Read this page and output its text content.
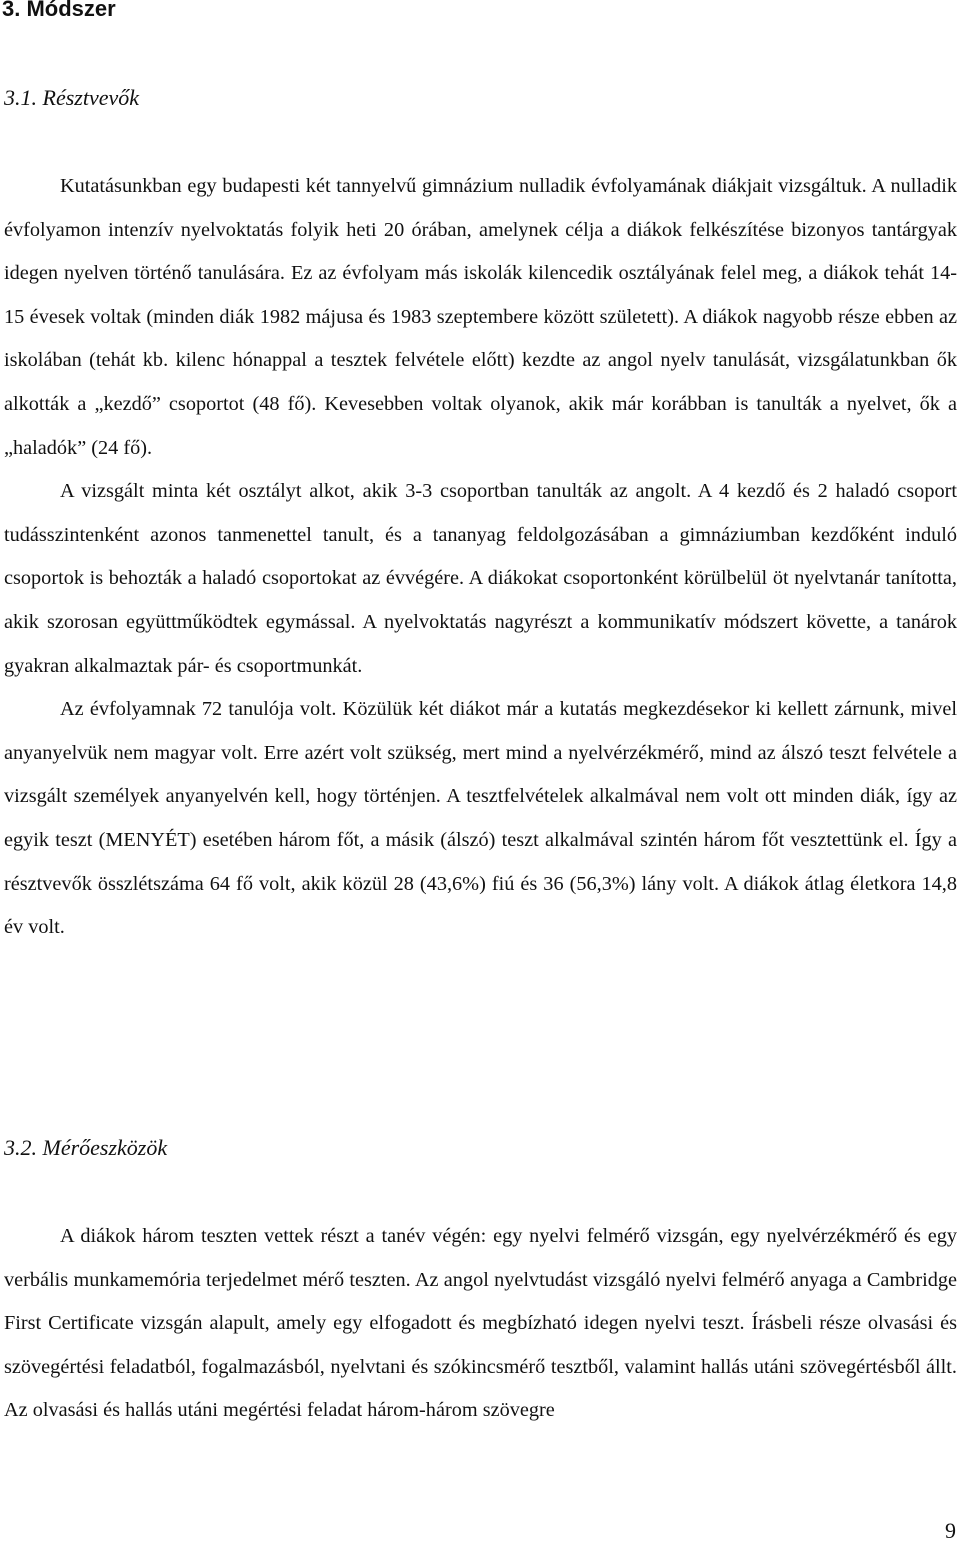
3. Módszer
3.1. Résztvevők

Kutatásunkban egy budapesti két tannyelvű gimnázium nulladik évfolyamának diákjait vizsgáltuk. A nulladik évfolyamon intenzív nyelvoktatás folyik heti 20 órában, amelynek célja a diákok felkészítése bizonyos tantárgyak idegen nyelven történő tanulására. Ez az évfolyam más iskolák kilencedik osztályának felel meg, a diákok tehát 14-15 évesek voltak (minden diák 1982 májusa és 1983 szeptembere között született). A diákok nagyobb része ebben az iskolában (tehát kb. kilenc hónappal a tesztek felvétele előtt) kezdte az angol nyelv tanulását, vizsgálatunkban ők alkották a „kezdő” csoportot (48 fő). Kevesebben voltak olyanok, akik már korábban is tanulták a nyelvet, ők a „haladók” (24 fő).

A vizsgált minta két osztályt alkot, akik 3-3 csoportban tanulták az angolt. A 4 kezdő és 2 haladó csoport tudásszintenként azonos tanmenettel tanult, és a tananyag feldolgozásában a gimnáziumban kezdőként induló csoportok is behozták a haladó csoportokat az évvégére. A diákokat csoportonként körülbelül öt nyelvtanár tanította, akik szorosan együttműködtek egymással. A nyelvoktatás nagyrészt a kommunikatív módszert követte, a tanárok gyakran alkalmaztak pár- és csoportmunkát.

Az évfolyamnak 72 tanulója volt. Közülük két diákot már a kutatás megkezdésekor ki kellett zárnunk, mivel anyanyelvük nem magyar volt. Erre azért volt szükség, mert mind a nyelvérzékmérő, mind az álszó teszt felvétele a vizsgált személyek anyanyelvén kell, hogy történjen. A tesztfelvételek alkalmával nem volt ott minden diák, így az egyik teszt (MENYÉT) esetében három főt, a másik (álszó) teszt alkalmával szintén három főt vesztettünk el. Így a résztvevők összlétszáma 64 fő volt, akik közül 28 (43,6%) fiú és 36 (56,3%) lány volt. A diákok átlag életkora 14,8 év volt.

3.2. Mérőeszközök

A diákok három teszten vettek részt a tanév végén: egy nyelvi felmérő vizsgán, egy nyelvérzékmérő és egy verbális munkamemória terjedelmet mérő teszten. Az angol nyelvtudást vizsgáló nyelvi felmérő anyaga a Cambridge First Certificate vizsgán alapult, amely egy elfogadott és megbízható idegen nyelvi teszt. Írásbeli része olvasási és szövegértési feladatból, fogalmazásból, nyelvtani és szókincsmérő tesztből, valamint hallás utáni szövegértésből állt. Az olvasási és hallás utáni megértési feladat három-három szövegre

9
